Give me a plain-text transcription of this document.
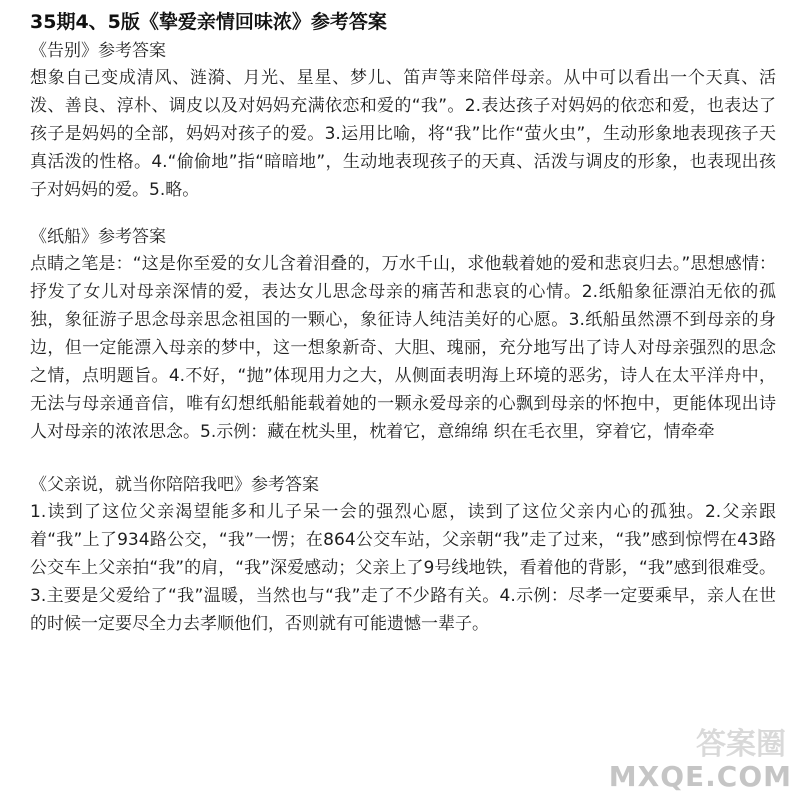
35期4、5版《挚爱亲情回味浓》参考答案
《告别》参考答案

想象自己变成清风、涟漪、月光、星星、梦儿、笛声等来陪伴母亲。从中可以看出一个天真、活泼、善良、淳朴、调皮以及对妈妈充满依恋和爱的“我”。2.表达孩子对妈妈的依恋和爱，也表达了孩子是妈妈的全部，妈妈对孩子的爱。3.运用比喻，将“我”比作“萤火虫”，生动形象地表现孩子天真活泼的性格。4.“偷偷地”指“暗暗地”，生动地表现孩子的天真、活泼与调皮的形象，也表现出孩子对妈妈的爱。5.略。

《纸船》参考答案

点睛之笔是：“这是你至爱的女儿含着泪叠的，万水千山，求他载着她的爱和悲哀归去。”思想感情：抒发了女儿对母亲深情的爱，表达女儿思念母亲的痛苦和悲哀的心情。2.纸船象征漂泊无依的孤独，象征游子思念母亲思念祖国的一颗心，象征诗人纯洁美好的心愿。3.纸船虽然漂不到母亲的身边，但一定能漂入母亲的梦中，这一想象新奇、大胆、瑰丽，充分地写出了诗人对母亲强烈的思念之情，点明题旨。4.不好，“抛”体现用力之大，从侧面表明海上环境的恶劣，诗人在太平洋舟中，无法与母亲通音信，唯有幻想纸船能载着她的一颗永爱母亲的心飘到母亲的怀抱中，更能体现出诗人对母亲的浓浓思念。5.示例：藏在枕头里，枕着它，意绵绵 织在毛衣里，穿着它，情牵牵

《父亲说，就当你陪陪我吧》参考答案

1.读到了这位父亲渴望能多和儿子呆一会的强烈心愿，读到了这位父亲内心的孤独。2.父亲跟着“我”上了934路公交，“我”一愣；在864公交车站，父亲朝“我”走了过来，“我”感到惊愕在43路公交车上父亲拍“我”的肩，“我”深爱感动；父亲上了9号线地铁，看着他的背影，“我”感到很难受。3.主要是父爱给了“我”温暖，当然也与“我”走了不少路有关。4.示例：尽孝一定要乘早，亲人在世的时候一定要尽全力去孝顺他们，否则就有可能遗憾一辈子。

答案圈
MXQE.COM
